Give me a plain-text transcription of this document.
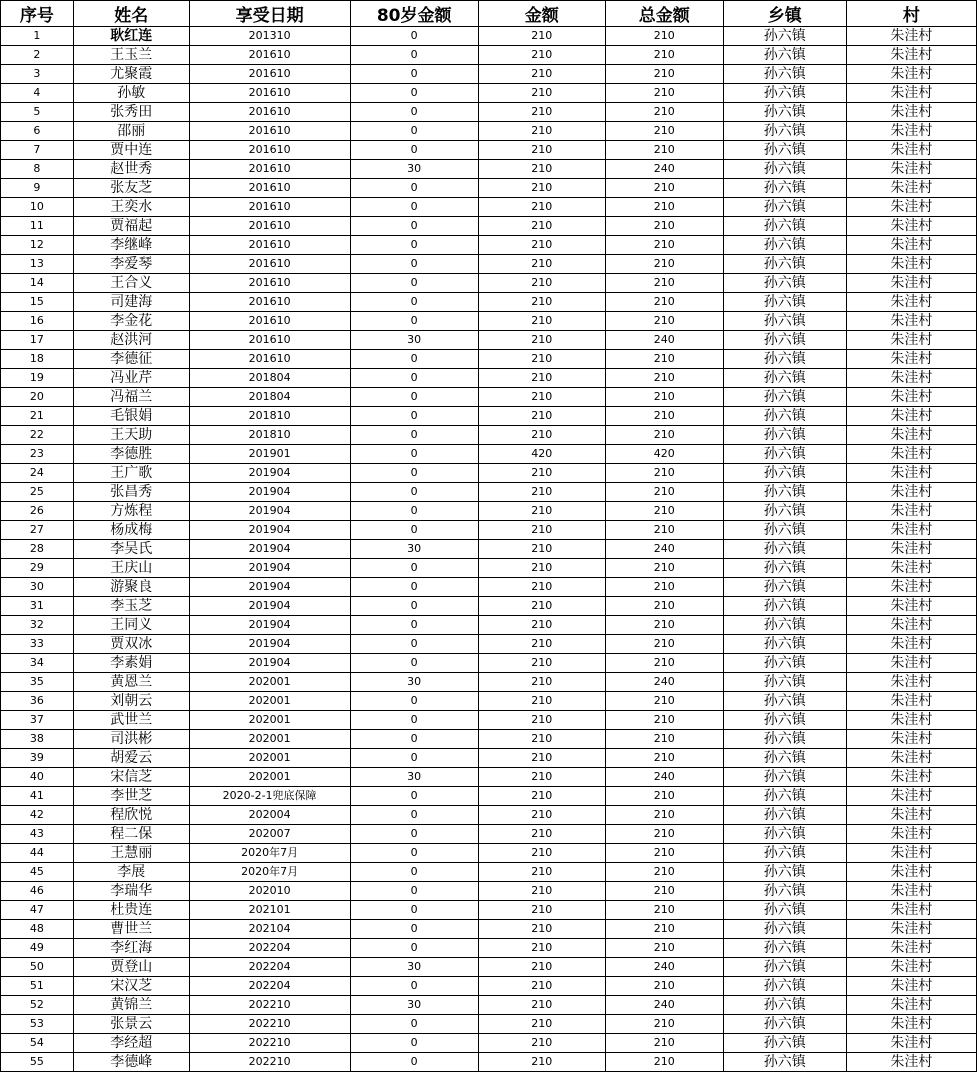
序号	姓名	享受日期	80岁金额	金额	总金额	乡镇	村
1	耿红连	201310	0	210	210	孙六镇	朱洼村
2	王玉兰	201610	0	210	210	孙六镇	朱洼村
3	尤聚霞	201610	0	210	210	孙六镇	朱洼村
4	孙敏	201610	0	210	210	孙六镇	朱洼村
5	张秀田	201610	0	210	210	孙六镇	朱洼村
6	邵丽	201610	0	210	210	孙六镇	朱洼村
7	贾中连	201610	0	210	210	孙六镇	朱洼村
8	赵世秀	201610	30	210	240	孙六镇	朱洼村
9	张友芝	201610	0	210	210	孙六镇	朱洼村
10	王奕水	201610	0	210	210	孙六镇	朱洼村
11	贾福起	201610	0	210	210	孙六镇	朱洼村
12	李继峰	201610	0	210	210	孙六镇	朱洼村
13	李爱琴	201610	0	210	210	孙六镇	朱洼村
14	王合义	201610	0	210	210	孙六镇	朱洼村
15	司建海	201610	0	210	210	孙六镇	朱洼村
16	李金花	201610	0	210	210	孙六镇	朱洼村
17	赵洪河	201610	30	210	240	孙六镇	朱洼村
18	李德征	201610	0	210	210	孙六镇	朱洼村
19	冯业芹	201804	0	210	210	孙六镇	朱洼村
20	冯福兰	201804	0	210	210	孙六镇	朱洼村
21	毛银娟	201810	0	210	210	孙六镇	朱洼村
22	王天助	201810	0	210	210	孙六镇	朱洼村
23	李德胜	201901	0	420	420	孙六镇	朱洼村
24	王广歌	201904	0	210	210	孙六镇	朱洼村
25	张昌秀	201904	0	210	210	孙六镇	朱洼村
26	方炼程	201904	0	210	210	孙六镇	朱洼村
27	杨成梅	201904	0	210	210	孙六镇	朱洼村
28	李吴氏	201904	30	210	240	孙六镇	朱洼村
29	王庆山	201904	0	210	210	孙六镇	朱洼村
30	游聚良	201904	0	210	210	孙六镇	朱洼村
31	李玉芝	201904	0	210	210	孙六镇	朱洼村
32	王同义	201904	0	210	210	孙六镇	朱洼村
33	贾双冰	201904	0	210	210	孙六镇	朱洼村
34	李素娟	201904	0	210	210	孙六镇	朱洼村
35	黄恩兰	202001	30	210	240	孙六镇	朱洼村
36	刘朝云	202001	0	210	210	孙六镇	朱洼村
37	武世兰	202001	0	210	210	孙六镇	朱洼村
38	司洪彬	202001	0	210	210	孙六镇	朱洼村
39	胡爱云	202001	0	210	210	孙六镇	朱洼村
40	宋信芝	202001	30	210	240	孙六镇	朱洼村
41	李世芝	2020-2-1兜底保障	0	210	210	孙六镇	朱洼村
42	程欣悦	202004	0	210	210	孙六镇	朱洼村
43	程二保	202007	0	210	210	孙六镇	朱洼村
44	王慧丽	2020年7月	0	210	210	孙六镇	朱洼村
45	李展	2020年7月	0	210	210	孙六镇	朱洼村
46	李瑞华	202010	0	210	210	孙六镇	朱洼村
47	杜贵连	202101	0	210	210	孙六镇	朱洼村
48	曹世兰	202104	0	210	210	孙六镇	朱洼村
49	李红海	202204	0	210	210	孙六镇	朱洼村
50	贾登山	202204	30	210	240	孙六镇	朱洼村
51	宋汉芝	202204	0	210	210	孙六镇	朱洼村
52	黄锦兰	202210	30	210	240	孙六镇	朱洼村
53	张景云	202210	0	210	210	孙六镇	朱洼村
54	李经超	202210	0	210	210	孙六镇	朱洼村
55	李德峰	202210	0	210	210	孙六镇	朱洼村
